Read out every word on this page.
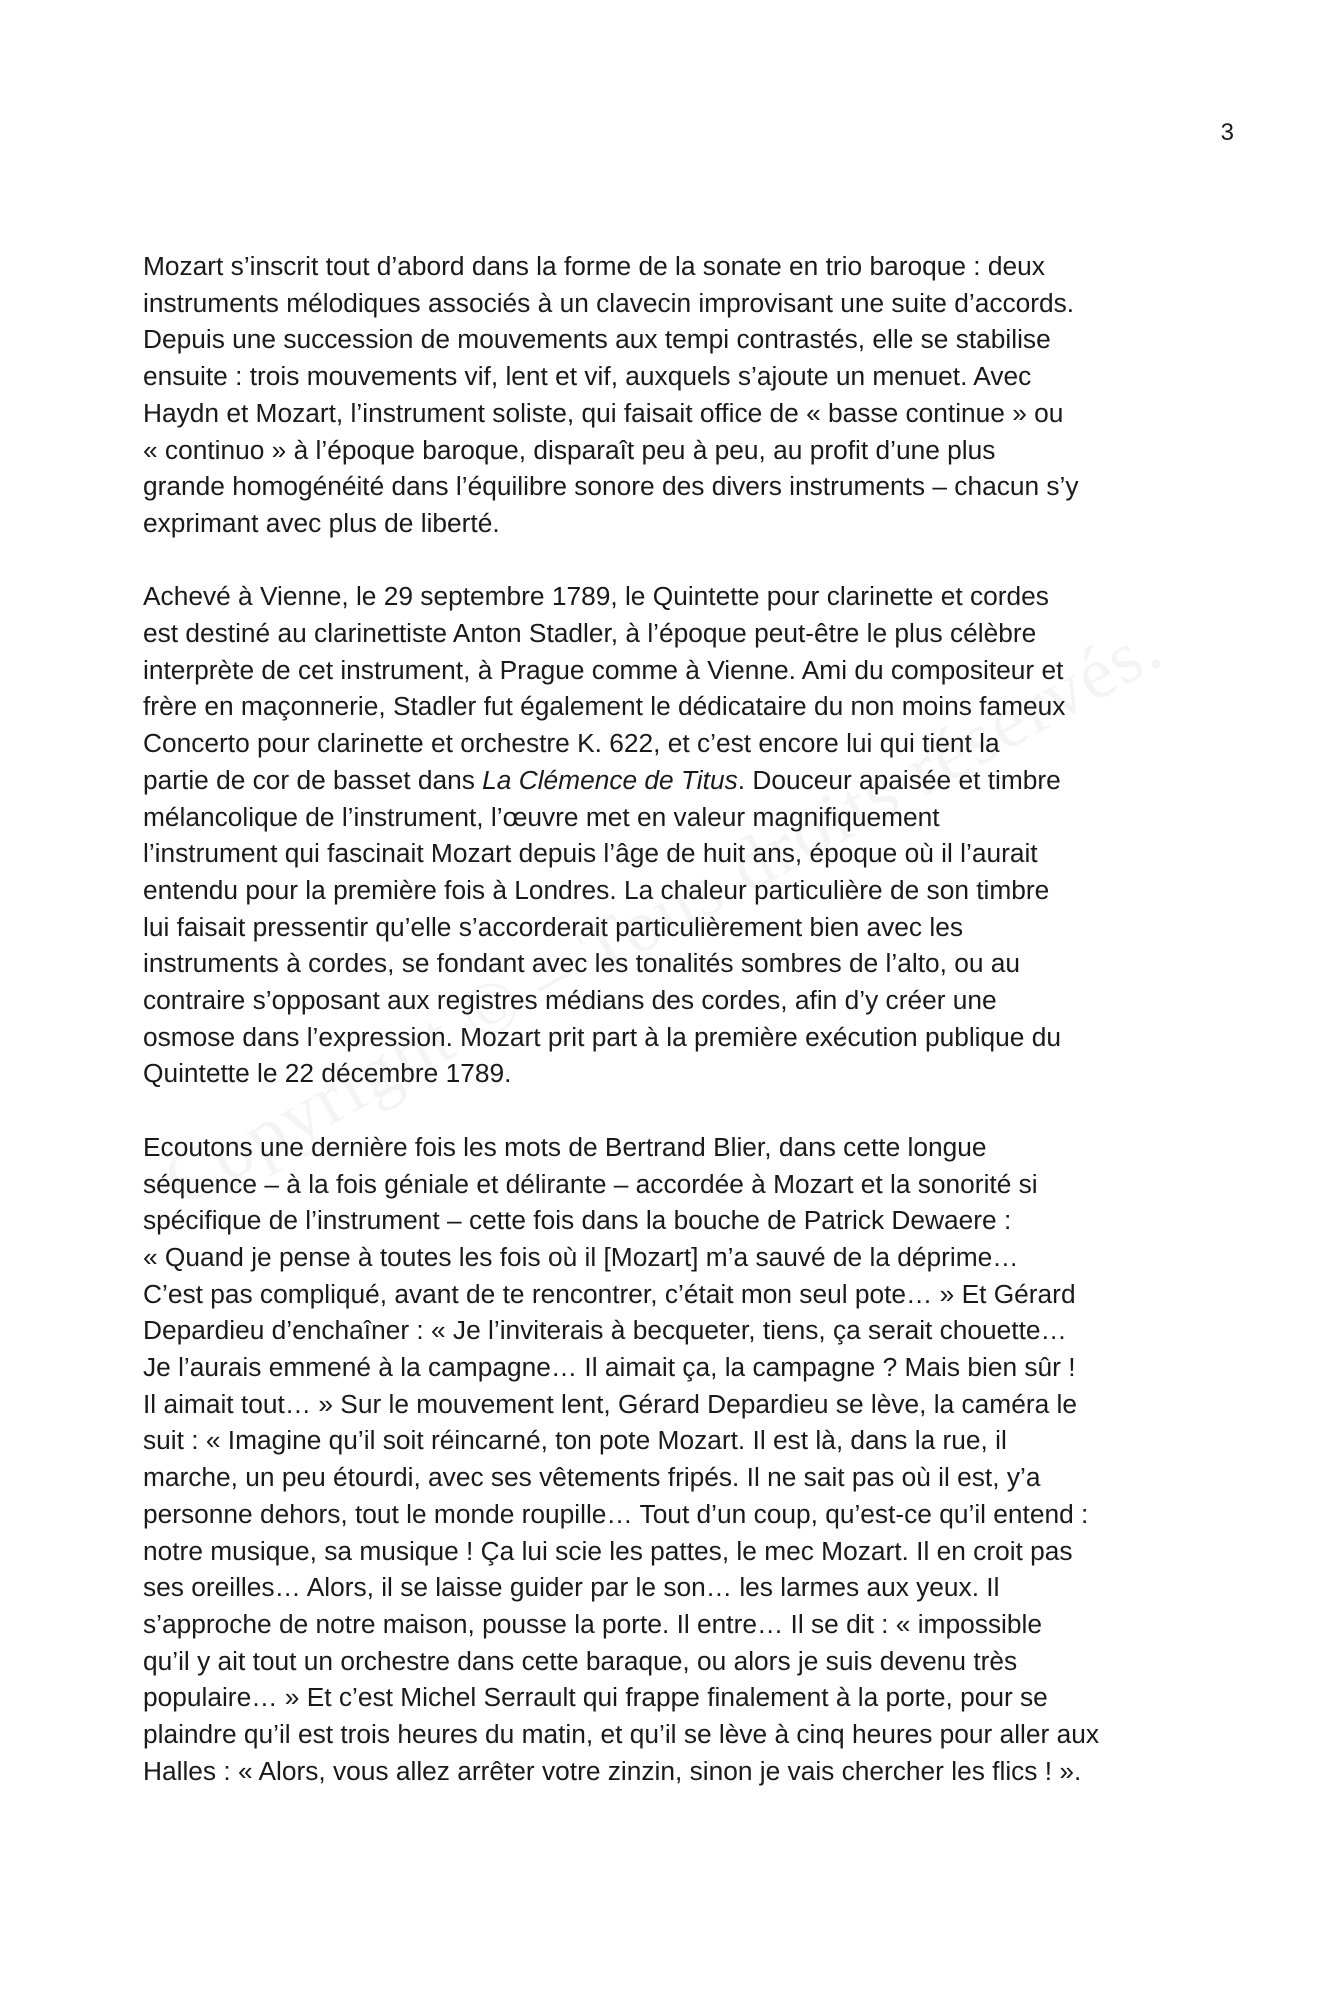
3

Mozart s’inscrit tout d’abord dans la forme de la sonate en trio baroque : deux
instruments mélodiques associés à un clavecin improvisant une suite d’accords.
Depuis une succession de mouvements aux tempi contrastés, elle se stabilise
ensuite : trois mouvements vif, lent et vif, auxquels s’ajoute un menuet. Avec
Haydn et Mozart, l’instrument soliste, qui faisait office de « basse continue » ou
« continuo » à l’époque baroque, disparaît peu à peu, au profit d’une plus
grande homogénéité dans l’équilibre sonore des divers instruments – chacun s’y
exprimant avec plus de liberté.

Achevé à Vienne, le 29 septembre 1789, le Quintette pour clarinette et cordes
est destiné au clarinettiste Anton Stadler, à l’époque peut-être le plus célèbre
interprète de cet instrument, à Prague comme à Vienne. Ami du compositeur et
frère en maçonnerie, Stadler fut également le dédicataire du non moins fameux
Concerto pour clarinette et orchestre K. 622, et c’est encore lui qui tient la
partie de cor de basset dans La Clémence de Titus. Douceur apaisée et timbre
mélancolique de l’instrument, l’œuvre met en valeur magnifiquement
l’instrument qui fascinait Mozart depuis l’âge de huit ans, époque où il l’aurait
entendu pour la première fois à Londres. La chaleur particulière de son timbre
lui faisait pressentir qu’elle s’accorderait particulièrement bien avec les
instruments à cordes, se fondant avec les tonalités sombres de l’alto, ou au
contraire s’opposant aux registres médians des cordes, afin d’y créer une
osmose dans l’expression. Mozart prit part à la première exécution publique du
Quintette le 22 décembre 1789.

Ecoutons une dernière fois les mots de Bertrand Blier, dans cette longue
séquence – à la fois géniale et délirante – accordée à Mozart et la sonorité si
spécifique de l’instrument – cette fois dans la bouche de Patrick Dewaere :
« Quand je pense à toutes les fois où il [Mozart] m’a sauvé de la déprime…
C’est pas compliqué, avant de te rencontrer, c’était mon seul pote… » Et Gérard
Depardieu d’enchaîner : « Je l’inviterais à becqueter, tiens, ça serait chouette…
Je l’aurais emmené à la campagne… Il aimait ça, la campagne ? Mais bien sûr !
Il aimait tout… » Sur le mouvement lent, Gérard Depardieu se lève, la caméra le
suit : « Imagine qu’il soit réincarné, ton pote Mozart. Il est là, dans la rue, il
marche, un peu étourdi, avec ses vêtements fripés. Il ne sait pas où il est, y’a
personne dehors, tout le monde roupille… Tout d’un coup, qu’est-ce qu’il entend :
notre musique, sa musique ! Ça lui scie les pattes, le mec Mozart. Il en croit pas
ses oreilles… Alors, il se laisse guider par le son… les larmes aux yeux. Il
s’approche de notre maison, pousse la porte. Il entre… Il se dit : « impossible
qu’il y ait tout un orchestre dans cette baraque, ou alors je suis devenu très
populaire… » Et c’est Michel Serrault qui frappe finalement à la porte, pour se
plaindre qu’il est trois heures du matin, et qu’il se lève à cinq heures pour aller aux
Halles : « Alors, vous allez arrêter votre zinzin, sinon je vais chercher les flics ! ».
